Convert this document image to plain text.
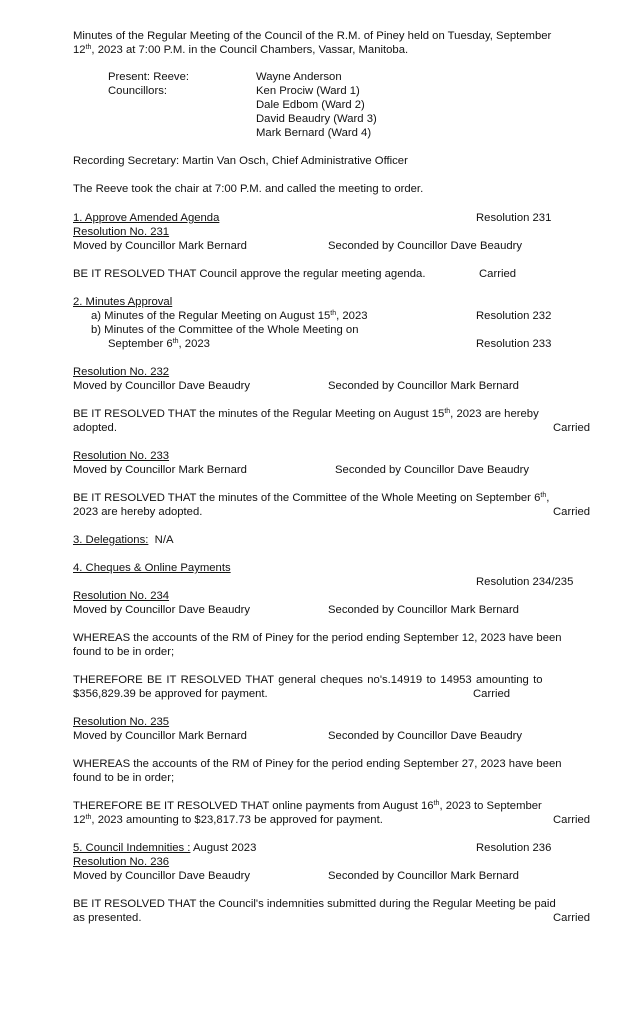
Minutes of the Regular Meeting of the Council of the R.M. of Piney held on Tuesday, September
12th, 2023 at 7:00 P.M. in the Council Chambers, Vassar, Manitoba.
Present: Reeve:	Wayne Anderson
Councillors:	Ken Prociw (Ward 1)
Dale Edbom (Ward 2)
David Beaudry (Ward 3)
Mark Bernard (Ward 4)
Recording Secretary: Martin Van Osch, Chief Administrative Officer
The Reeve took the chair at 7:00 P.M. and called the meeting to order.
1. Approve Amended Agenda	Resolution 231
Resolution No. 231
Moved by Councillor Mark Bernard	Seconded by Councillor Dave Beaudry
BE IT RESOLVED THAT Council approve the regular meeting agenda.	Carried
2. Minutes Approval
a) Minutes of the Regular Meeting on August 15th, 2023	Resolution 232
b) Minutes of the Committee of the Whole Meeting on
September 6th, 2023	Resolution 233
Resolution No. 232
Moved by Councillor Dave Beaudry	Seconded by Councillor Mark Bernard
BE IT RESOLVED THAT the minutes of the Regular Meeting on August 15th, 2023 are hereby
adopted.	Carried
Resolution No. 233
Moved by Councillor Mark Bernard	Seconded by Councillor Dave Beaudry
BE IT RESOLVED THAT the minutes of the Committee of the Whole Meeting on September 6th,
2023 are hereby adopted.	Carried
3. Delegations: N/A
4. Cheques & Online Payments
Resolution 234/235
Resolution No. 234
Moved by Councillor Dave Beaudry	Seconded by Councillor Mark Bernard
WHEREAS the accounts of the RM of Piney for the period ending September 12, 2023 have been
found to be in order;
THEREFORE BE IT RESOLVED THAT general cheques no's.14919 to 14953 amounting to
$356,829.39 be approved for payment.	Carried
Resolution No. 235
Moved by Councillor Mark Bernard	Seconded by Councillor Dave Beaudry
WHEREAS the accounts of the RM of Piney for the period ending September 27, 2023 have been
found to be in order;
THEREFORE BE IT RESOLVED THAT online payments from August 16th, 2023 to September
12th, 2023 amounting to $23,817.73 be approved for payment.	Carried
5. Council Indemnities : August 2023	Resolution 236
Resolution No. 236
Moved by Councillor Dave Beaudry	Seconded by Councillor Mark Bernard
BE IT RESOLVED THAT the Council's indemnities submitted during the Regular Meeting be paid
as presented.	Carried
